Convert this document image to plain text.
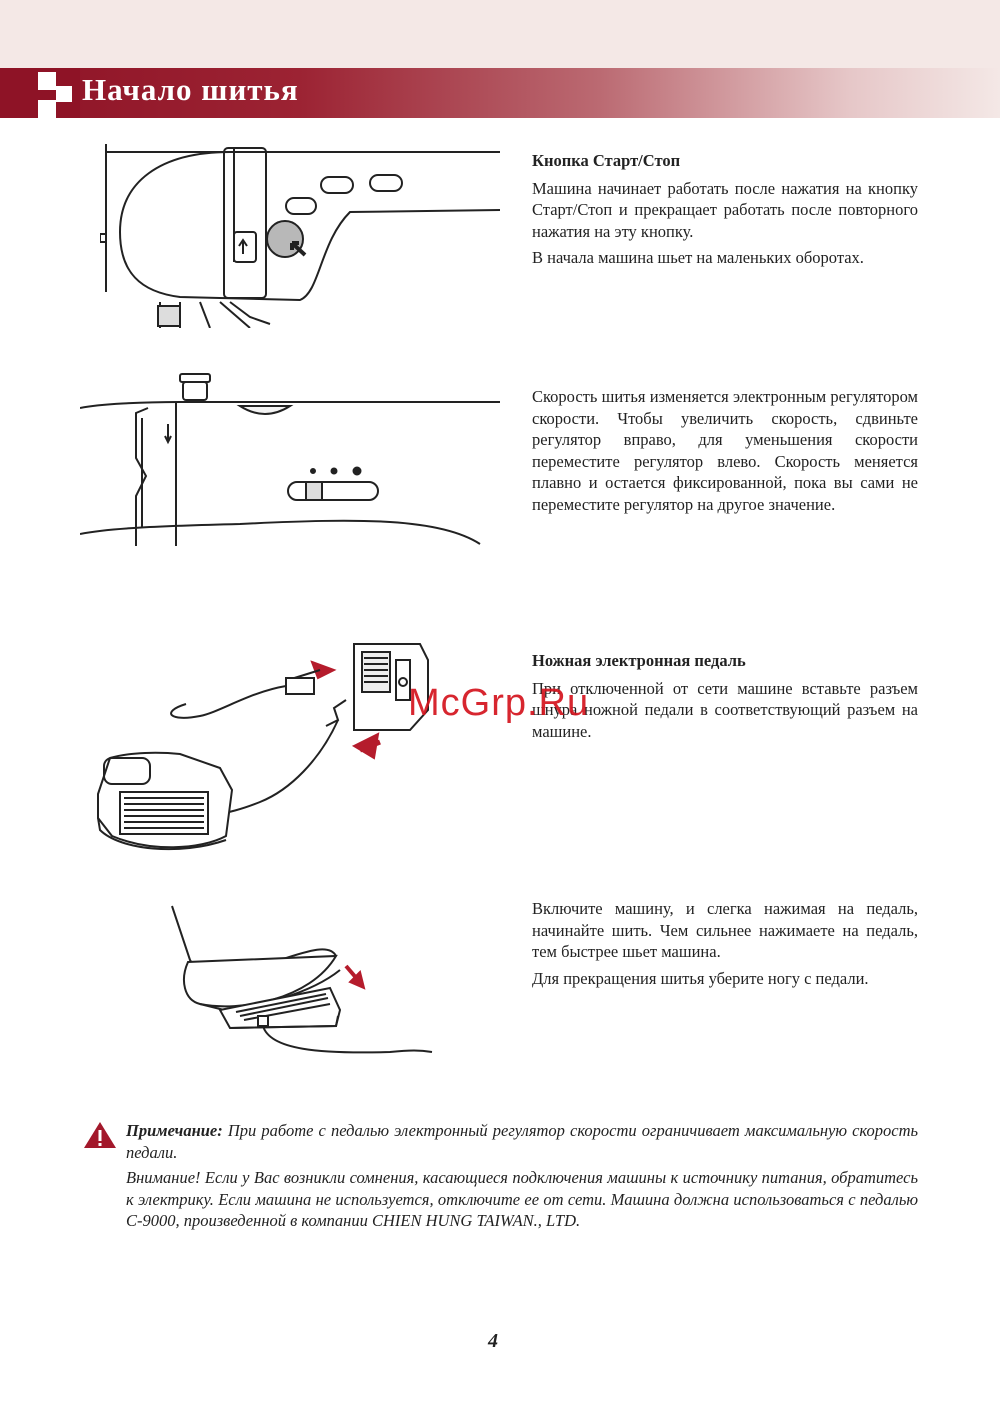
Начало шитья
Кнопка Старт/Стоп

Машина начинает работать после нажатия на кнопку Старт/Стоп и прекращает работать после повторного нажатия на эту кнопку.

В начала машина шьет на маленьких оборотах.

Скорость шитья изменяется электронным регулятором скорости. Чтобы увеличить скорость, сдвиньте регулятор вправо, для уменьшения скорости переместите регулятор влево. Скорость меняется плавно и остается фиксированной, пока вы сами не переместите регулятор на другое значение.

Ножная электронная педаль

При отключенной от сети машине вставьте разъем шнура ножной педали в соответствующий разъем на машине.

Включите машину, и слегка нажимая на педаль, начинайте шить. Чем сильнее нажимаете на педаль, тем быстрее шьет машина.

Для прекращения шитья уберите ногу с педали.

McGrp.Ru

Примечание: При работе с педалью электронный регулятор скорости ограничивает максимальную скорость педали.

Внимание! Если у Вас возникли сомнения, касающиеся подключения машины к источнику питания, обратитесь к электрику. Если машина не используется, отключите ее от сети. Машина должна использоваться с педалью С-9000, произведенной в компании CHIEN HUNG TAIWAN., LTD.

4
